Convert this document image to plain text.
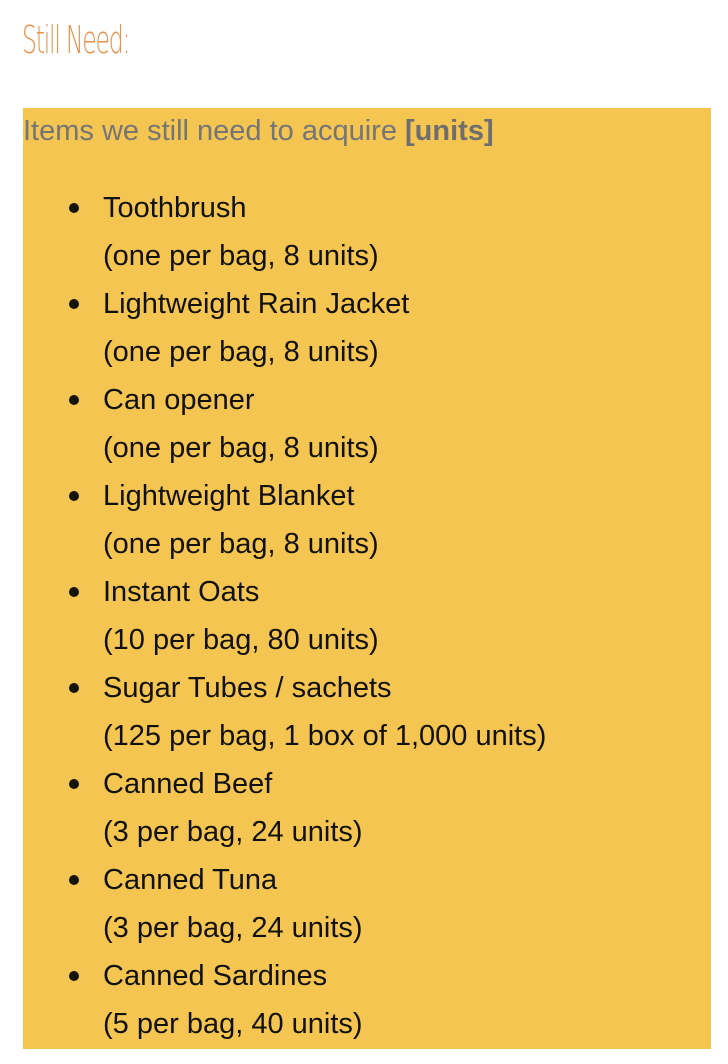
Still Need:

Items we still need to acquire [units]

Toothbrush
(one per bag, 8 units)
Lightweight Rain Jacket
(one per bag, 8 units)
Can opener
(one per bag, 8 units)
Lightweight Blanket
(one per bag, 8 units)
Instant Oats
(10 per bag, 80 units)
Sugar Tubes / sachets
(125 per bag, 1 box of 1,000 units)
Canned Beef
(3 per bag, 24 units)
Canned Tuna
(3 per bag, 24 units)
Canned Sardines
(5 per bag, 40 units)
